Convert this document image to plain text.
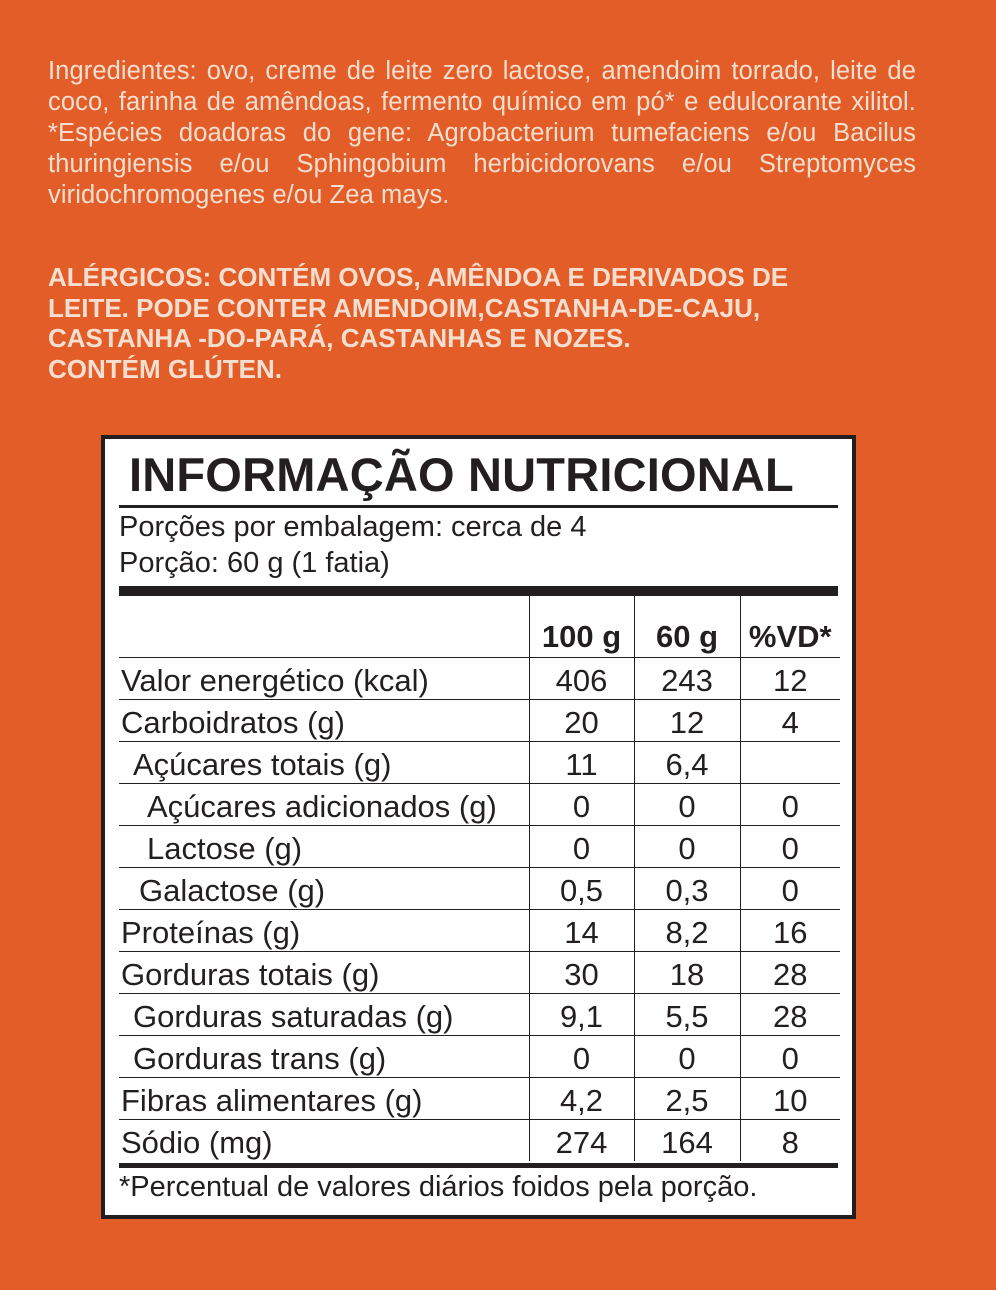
Ingredientes: ovo, creme de leite zero lactose, amendoim torrado, leite de coco, farinha de amêndoas, fermento químico em pó* e edulcorante xilitol. *Espécies doadoras do gene: Agrobacterium tumefaciens e/ou Bacilus thuringiensis e/ou Sphingobium herbicidorovans e/ou Streptomyces viridochromogenes e/ou Zea mays.
ALÉRGICOS: CONTÉM OVOS, AMÊNDOA E DERIVADOS DE
LEITE. PODE CONTER AMENDOIM,CASTANHA-DE-CAJU,
CASTANHA -DO-PARÁ, CASTANHAS E NOZES.
CONTÉM GLÚTEN.
INFORMAÇÃO NUTRICIONAL
Porções por embalagem: cerca de 4
Porção: 60 g (1 fatia)
	100 g	60 g	%VD*
Valor energético (kcal)	406	243	12
Carboidratos (g)	20	12	4
Açúcares totais (g)	11	6,4	
Açúcares adicionados (g)	0	0	0
Lactose (g)	0	0	0
Galactose (g)	0,5	0,3	0
Proteínas (g)	14	8,2	16
Gorduras totais (g)	30	18	28
Gorduras saturadas (g)	9,1	5,5	28
Gorduras trans (g)	0	0	0
Fibras alimentares (g)	4,2	2,5	10
Sódio (mg)	274	164	8
*Percentual de valores diários foidos pela porção.
